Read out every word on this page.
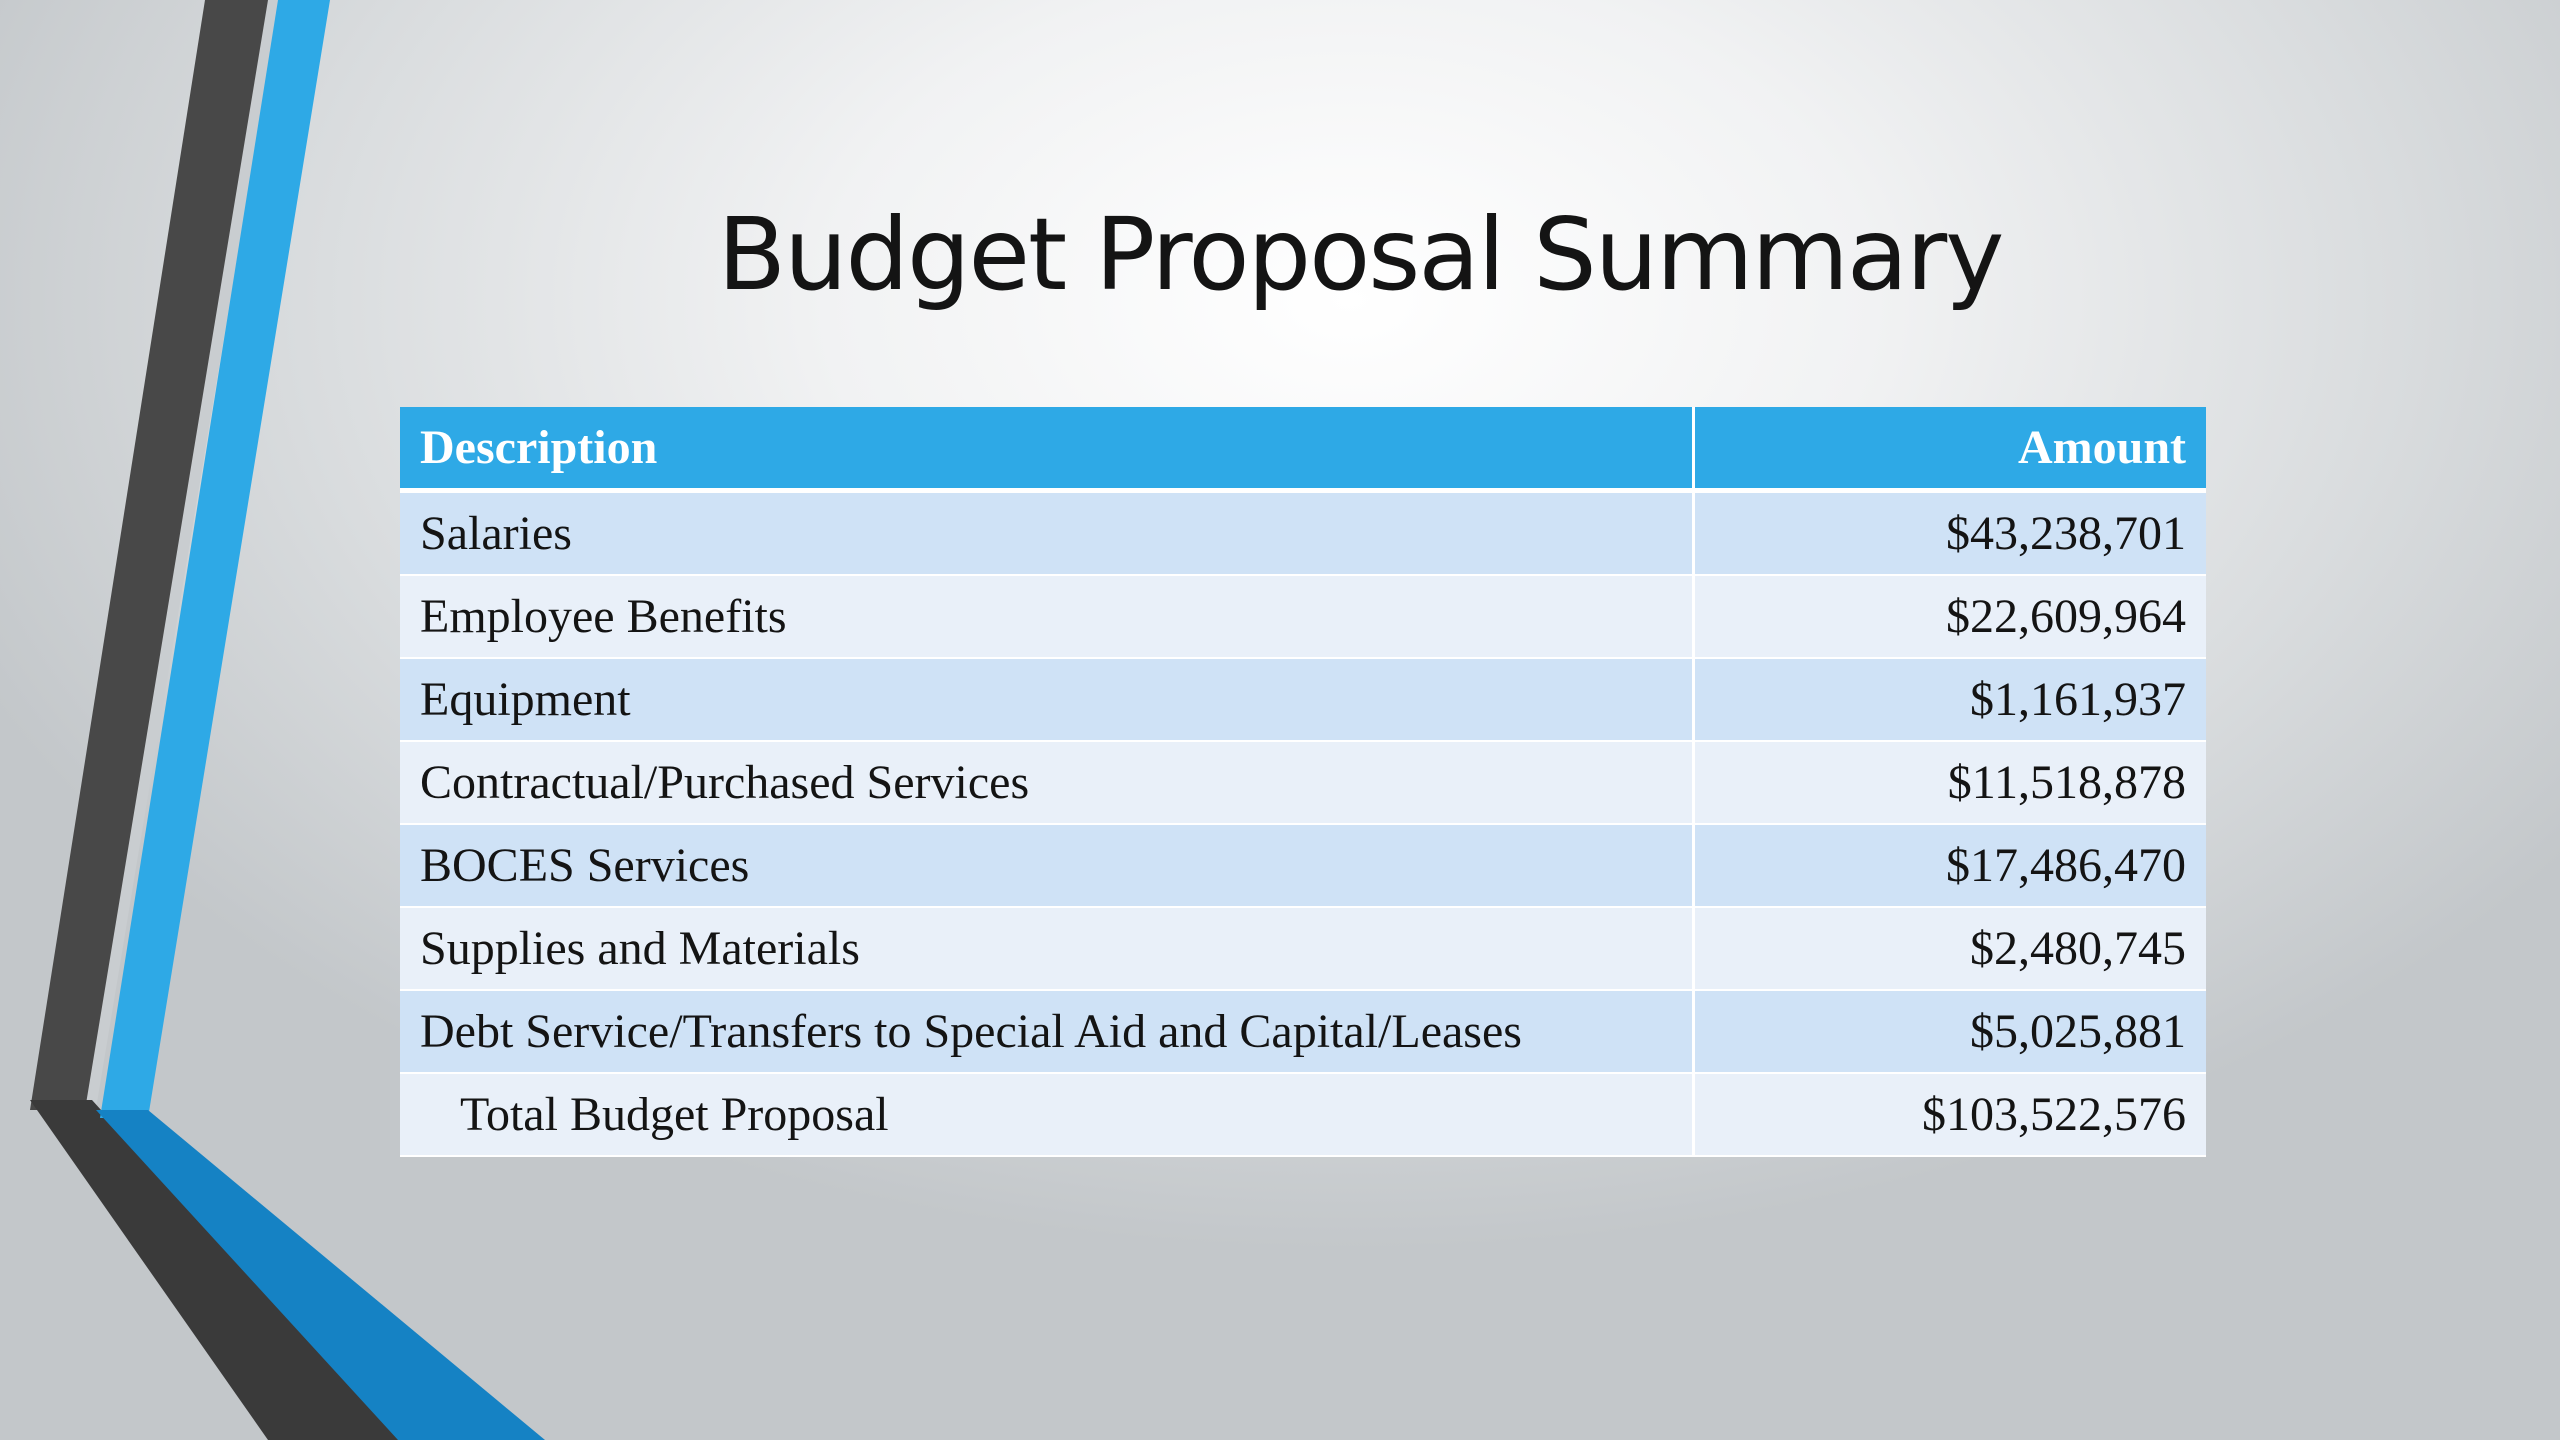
Budget Proposal Summary
Description	Amount
Salaries	$43,238,701
Employee Benefits	$22,609,964
Equipment	$1,161,937
Contractual/Purchased Services	$11,518,878
BOCES Services	$17,486,470
Supplies and Materials	$2,480,745
Debt Service/Transfers to Special Aid and Capital/Leases	$5,025,881
Total Budget Proposal	$103,522,576
